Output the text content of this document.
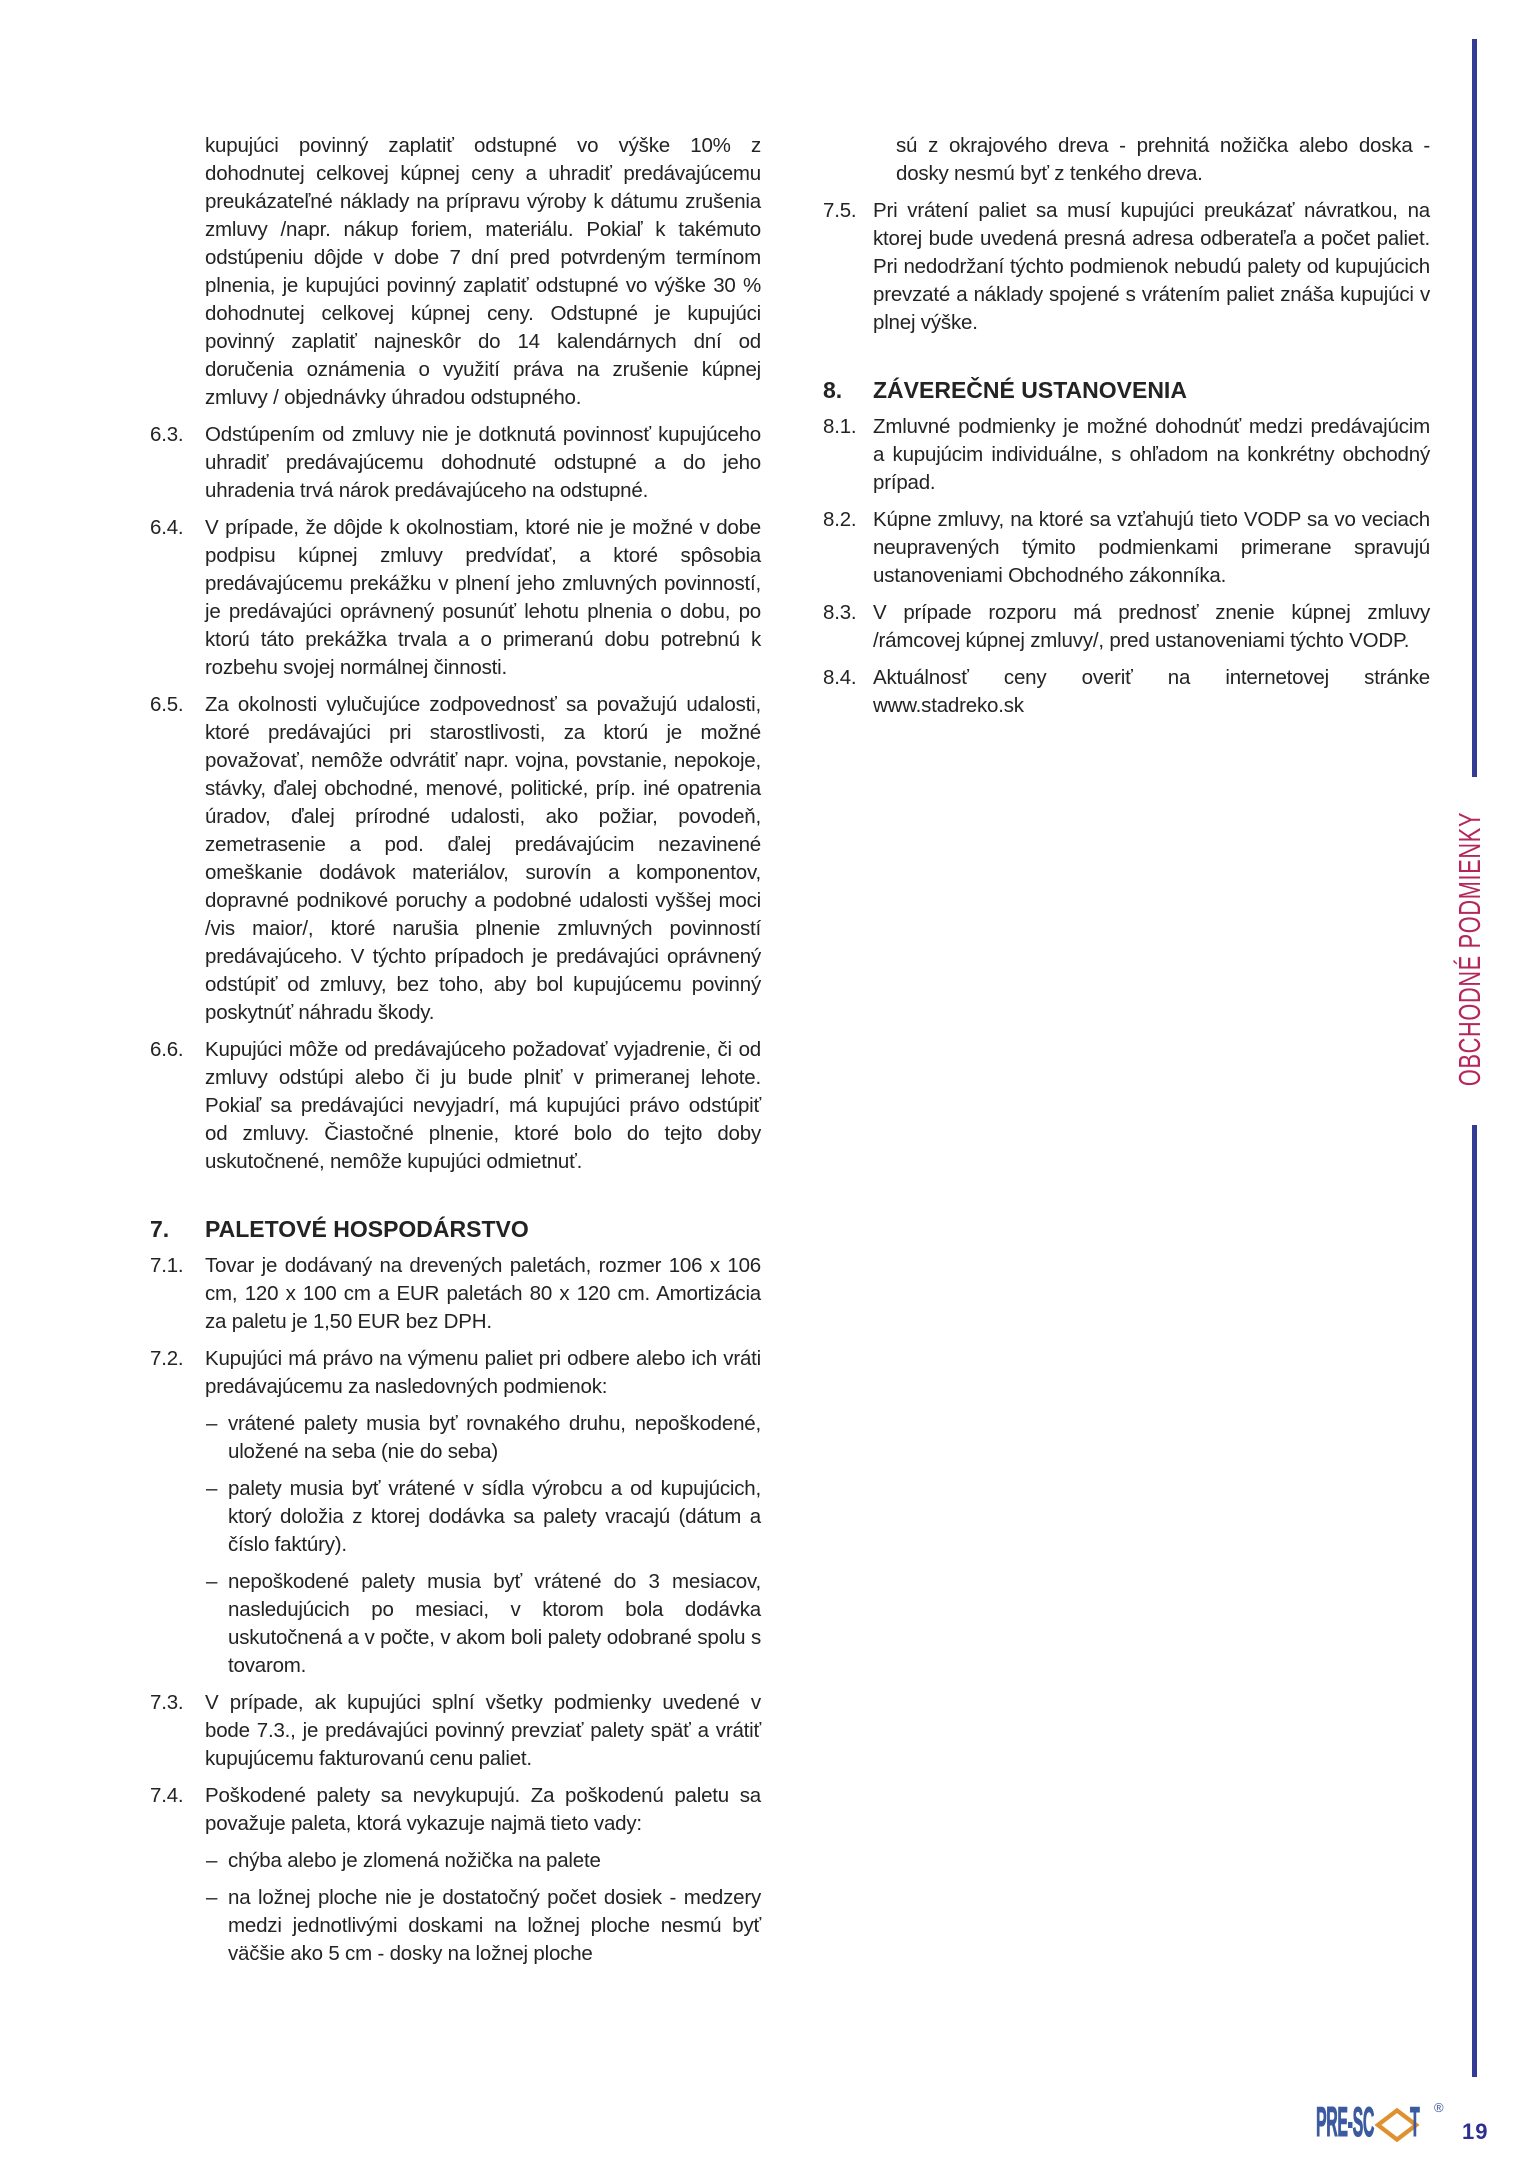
kupujúci povinný zaplatiť odstupné vo výške 10% z dohodnutej celkovej kúpnej ceny a uhradiť predávajúcemu preukázateľné náklady na prípravu výroby k dátumu zrušenia zmluvy /napr. nákup foriem, materiálu. Pokiaľ k takémuto odstúpeniu dôjde v dobe 7 dní pred potvrdeným termínom plnenia, je kupujúci povinný zaplatiť odstupné vo výške 30 % dohodnutej celkovej kúpnej ceny. Odstupné je kupujúci povinný zaplatiť najneskôr do 14 kalendárnych dní od doručenia oznámenia o využití práva na zrušenie kúpnej zmluvy / objednávky úhradou odstupného.

6.3. Odstúpením od zmluvy nie je dotknutá povinnosť kupujúceho uhradiť predávajúcemu dohodnuté odstupné a do jeho uhradenia trvá nárok predávajúceho na odstupné.

6.4. V prípade, že dôjde k okolnostiam, ktoré nie je možné v dobe podpisu kúpnej zmluvy predvídať, a ktoré spôsobia predávajúcemu prekážku v plnení jeho zmluvných povinností, je predávajúci oprávnený posunúť lehotu plnenia o dobu, po ktorú táto prekážka trvala a o primeranú dobu potrebnú k rozbehu svojej normálnej činnosti.

6.5. Za okolnosti vylučujúce zodpovednosť sa považujú udalosti, ktoré predávajúci pri starostlivosti, za ktorú je možné považovať, nemôže odvrátiť napr. vojna, povstanie, nepokoje, stávky, ďalej obchodné, menové, politické, príp. iné opatrenia úradov, ďalej prírodné udalosti, ako požiar, povodeň, zemetrasenie a pod. ďalej predávajúcim nezavinené omeškanie dodávok materiálov, surovín a komponentov, dopravné podnikové poruchy a podobné udalosti vyššej moci /vis maior/, ktoré narušia plnenie zmluvných povinností predávajúceho. V týchto prípadoch je predávajúci oprávnený odstúpiť od zmluvy, bez toho, aby bol kupujúcemu povinný poskytnúť náhradu škody.

6.6. Kupujúci môže od predávajúceho požadovať vyjadrenie, či od zmluvy odstúpi alebo či ju bude plniť v primeranej lehote. Pokiaľ sa predávajúci nevyjadrí, má kupujúci právo odstúpiť od zmluvy. Čiastočné plnenie, ktoré bolo do tejto doby uskutočnené, nemôže kupujúci odmietnuť.

7. PALETOVÉ HOSPODÁRSTVO

7.1. Tovar je dodávaný na drevených paletách, rozmer 106 x 106 cm, 120 x 100 cm a EUR paletách 80 x 120 cm. Amortizácia za paletu je 1,50 EUR bez DPH.

7.2. Kupujúci má právo na výmenu paliet pri odbere alebo ich vráti predávajúcemu za nasledovných podmienok:

– vrátené palety musia byť rovnakého druhu, nepoškodené, uložené na seba (nie do seba)

– palety musia byť vrátené v sídla výrobcu a od kupujúcich, ktorý doložia z ktorej dodávka sa palety vracajú (dátum a číslo faktúry).

– nepoškodené palety musia byť vrátené do 3 mesiacov, nasledujúcich po mesiaci, v ktorom bola dodávka uskutočnená a v počte, v akom boli palety odobrané spolu s tovarom.

7.3. V prípade, ak kupujúci splní všetky podmienky uvedené v bode 7.3., je predávajúci povinný prevziať palety späť a vrátiť kupujúcemu fakturovanú cenu paliet.

7.4. Poškodené palety sa nevykupujú. Za poškodenú paletu sa považuje paleta, ktorá vykazuje najmä tieto vady:

– chýba alebo je zlomená nožička na palete

– na ložnej ploche nie je dostatočný počet dosiek - medzery medzi jednotlivými doskami na ložnej ploche nesmú byť väčšie ako 5 cm - dosky na ložnej ploche

sú z okrajového dreva - prehnitá nožička alebo doska - dosky nesmú byť z tenkého dreva.

7.5. Pri vrátení paliet sa musí kupujúci preukázať návratkou, na ktorej bude uvedená presná adresa odberateľa a počet paliet. Pri nedodržaní týchto podmienok nebudú palety od kupujúcich prevzaté a náklady spojené s vrátením paliet znáša kupujúci v plnej výške.

8. ZÁVEREČNÉ USTANOVENIA

8.1. Zmluvné podmienky je možné dohodnúť medzi predávajúcim a kupujúcim individuálne, s ohľadom na konkrétny obchodný prípad.

8.2. Kúpne zmluvy, na ktoré sa vzťahujú tieto VODP sa vo veciach neupravených týmito podmienkami primerane spravujú ustanoveniami Obchodného zákonníka.

8.3. V prípade rozporu má prednosť znenie kúpnej zmluvy /rámcovej kúpnej zmluvy/, pred ustanoveniami týchto VODP.

8.4. Aktuálnosť ceny overiť na internetovej stránke www.stadreko.sk

OBCHODNÉ PODMIENKY
PRE-SC T ®
19
